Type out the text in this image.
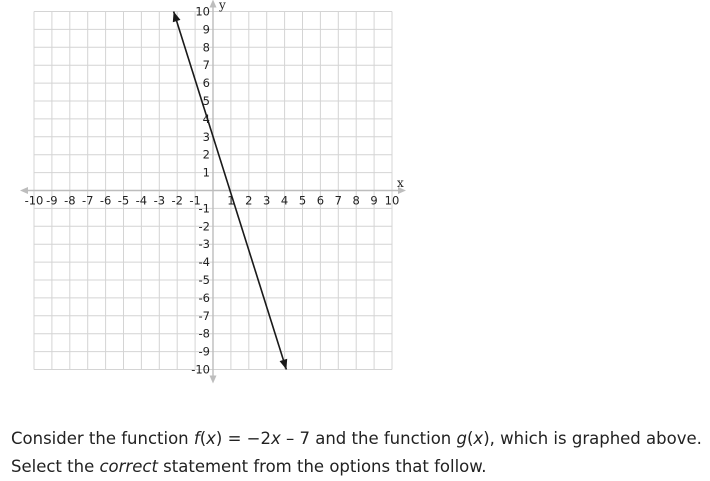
-10 -9 -8 -7 -6 -5 -4 -3 -2 -1 1 2 3 4 5 6 7 8 9 10
10
9
8
7
6
5
4
3
2
1
-1
-2
-3
-4
-5
-6
-7
-8
-9
-10
x
y

Consider the function f(x) = −2x – 7 and the function g(x), which is graphed above.

Select the correct statement from the options that follow.
